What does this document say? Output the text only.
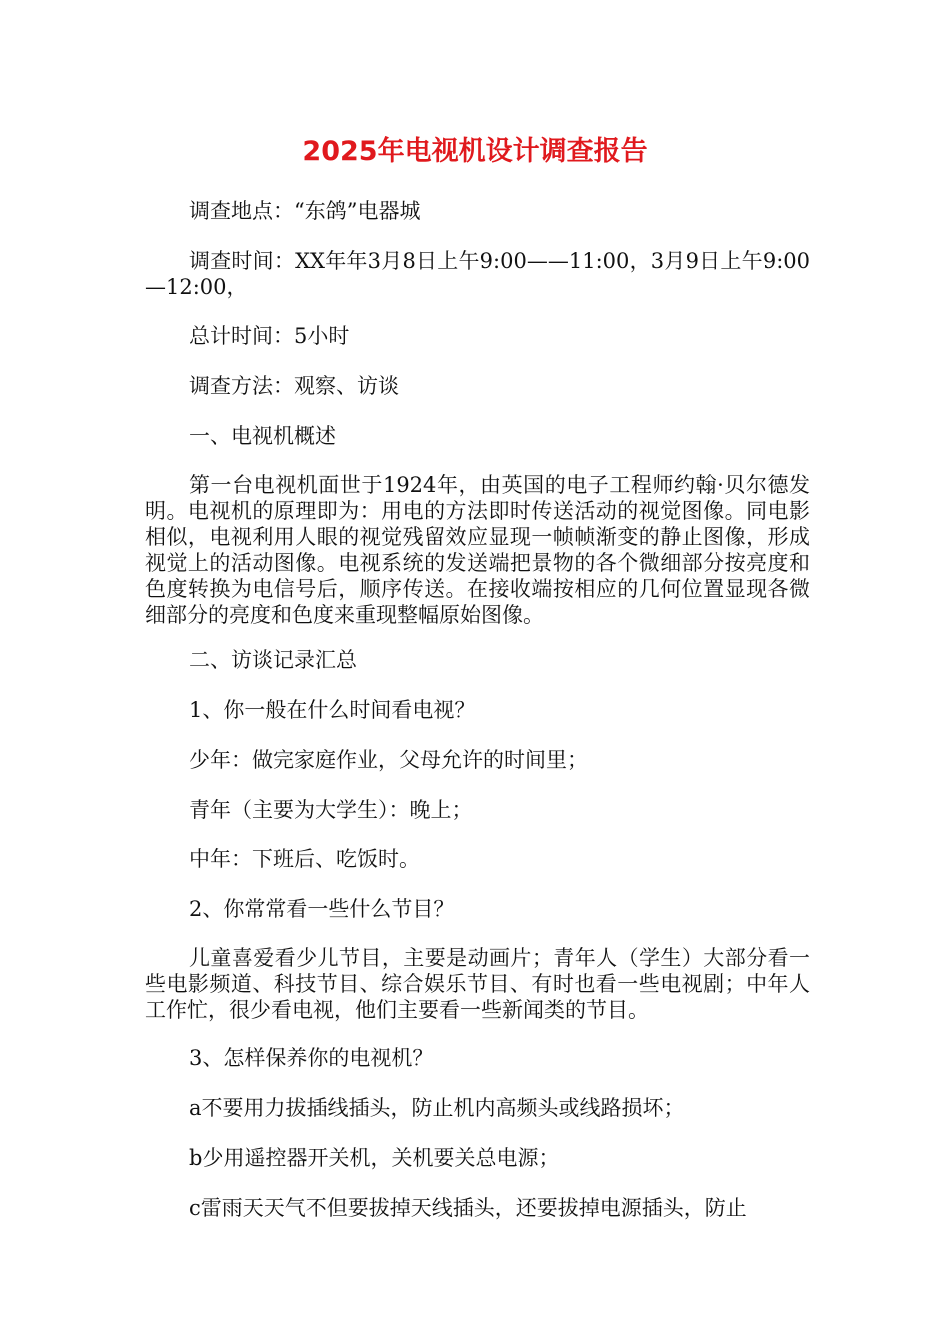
2025年电视机设计调查报告

调查地点：“东鸽”电器城

调查时间：XX年年3月8日上午9:00——11:00，3月9日上午9:00—12:00，

总计时间：5小时

调查方法：观察、访谈

一、电视机概述

第一台电视机面世于1924年，由英国的电子工程师约翰·贝尔德发明。电视机的原理即为：用电的方法即时传送活动的视觉图像。同电影相似，电视利用人眼的视觉残留效应显现一帧帧渐变的静止图像，形成视觉上的活动图像。电视系统的发送端把景物的各个微细部分按亮度和色度转换为电信号后，顺序传送。在接收端按相应的几何位置显现各微细部分的亮度和色度来重现整幅原始图像。

二、访谈记录汇总

1、你一般在什么时间看电视？

少年：做完家庭作业，父母允许的时间里；

青年（主要为大学生）：晚上；

中年：下班后、吃饭时。

2、你常常看一些什么节目？

儿童喜爱看少儿节目，主要是动画片；青年人（学生）大部分看一些电影频道、科技节目、综合娱乐节目、有时也看一些电视剧；中年人工作忙，很少看电视，他们主要看一些新闻类的节目。

3、怎样保养你的电视机？

a不要用力拔插线插头，防止机内高频头或线路损坏；

b少用遥控器开关机，关机要关总电源；

c雷雨天天气不但要拔掉天线插头，还要拔掉电源插头，防止
